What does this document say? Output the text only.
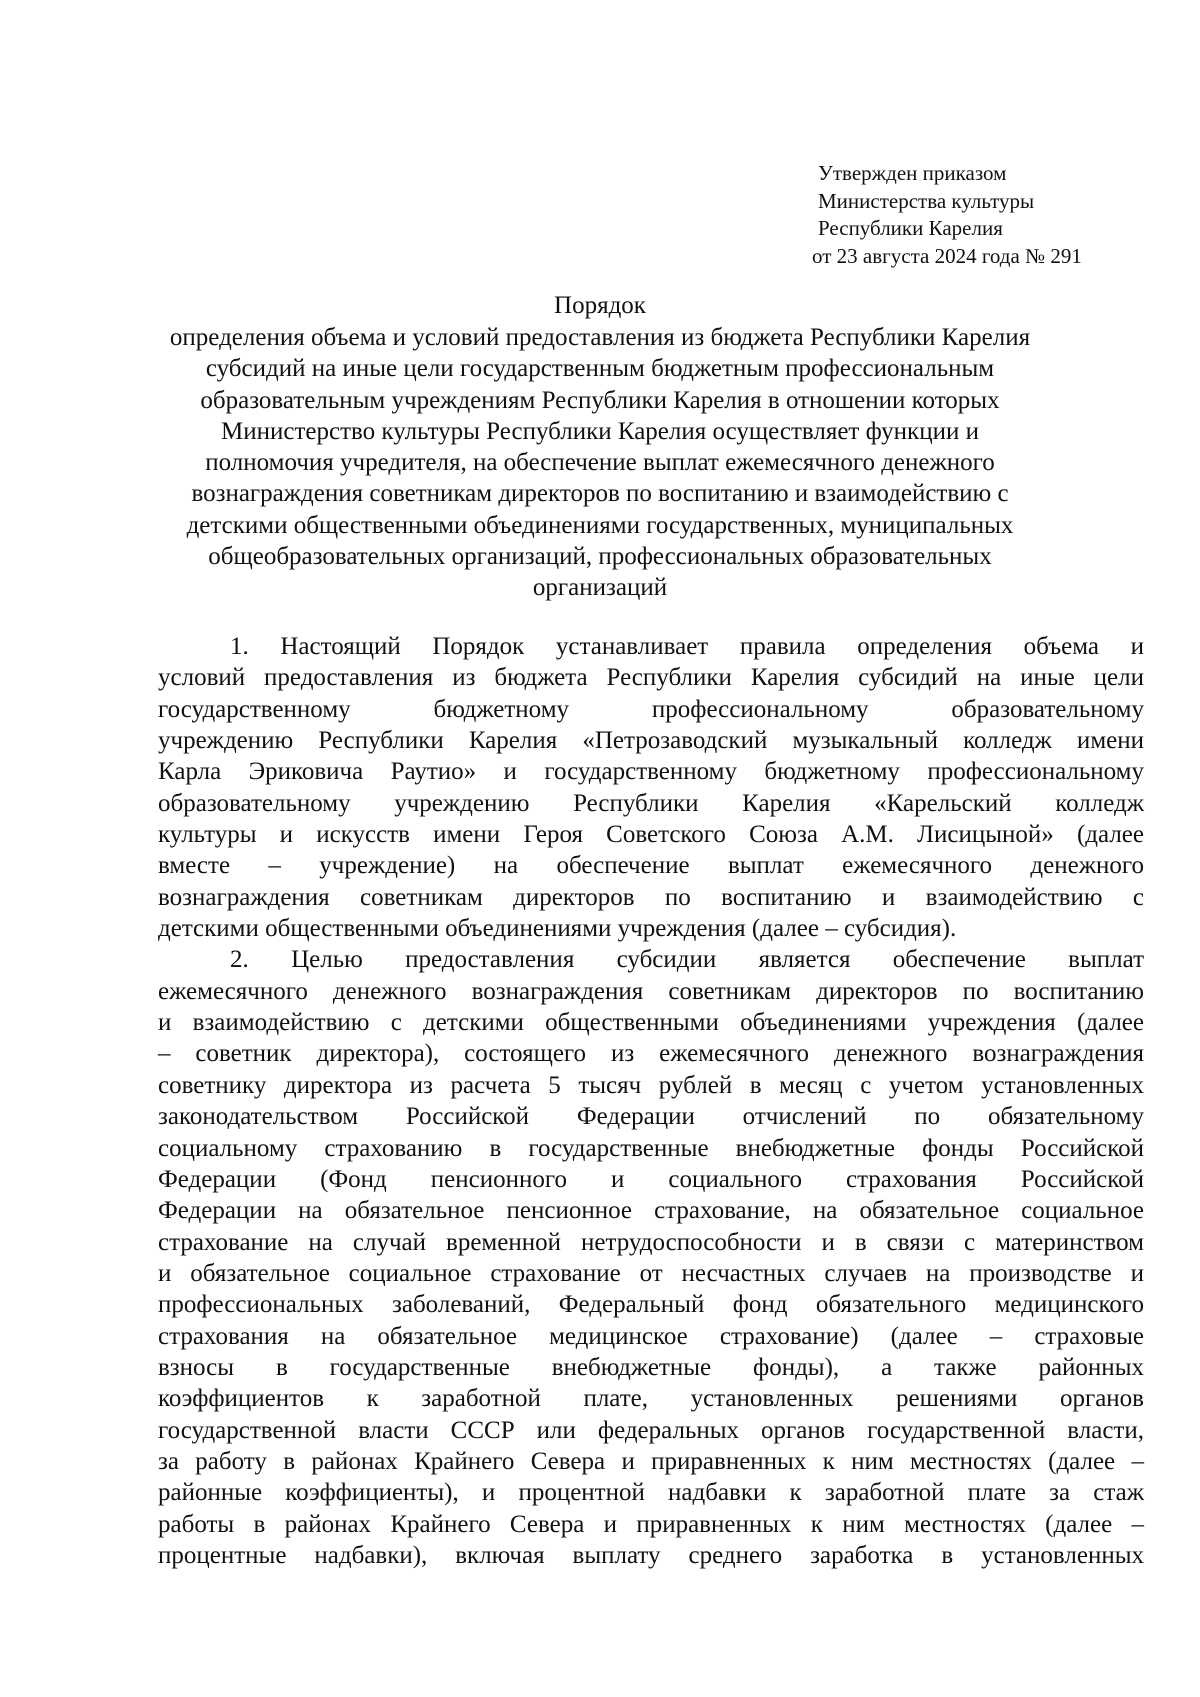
Утвержден приказом
Министерства культуры
Республики Карелия
от 23 августа 2024 года № 291
Порядок
определения объема и условий предоставления из бюджета Республики Карелия
субсидий на иные цели государственным бюджетным профессиональным
образовательным учреждениям Республики Карелия в отношении которых
Министерство культуры Республики Карелия осуществляет функции и
полномочия учредителя, на обеспечение выплат ежемесячного денежного
вознаграждения советникам директоров по воспитанию и взаимодействию с
детскими общественными объединениями государственных, муниципальных
общеобразовательных организаций, профессиональных образовательных
организаций
1. Настоящий Порядок устанавливает правила определения объема и
условий предоставления из бюджета Республики Карелия субсидий на иные цели
государственному бюджетному профессиональному образовательному
учреждению Республики Карелия «Петрозаводский музыкальный колледж имени
Карла Эриковича Раутио» и государственному бюджетному профессиональному
образовательному учреждению Республики Карелия «Карельский колледж
культуры и искусств имени Героя Советского Союза А.М. Лисицыной» (далее
вместе – учреждение) на обеспечение выплат ежемесячного денежного
вознаграждения советникам директоров по воспитанию и взаимодействию с
детскими общественными объединениями учреждения (далее – субсидия).
2. Целью предоставления субсидии является обеспечение выплат
ежемесячного денежного вознаграждения советникам директоров по воспитанию
и взаимодействию с детскими общественными объединениями учреждения (далее
– советник директора), состоящего из ежемесячного денежного вознаграждения
советнику директора из расчета 5 тысяч рублей в месяц с учетом установленных
законодательством Российской Федерации отчислений по обязательному
социальному страхованию в государственные внебюджетные фонды Российской
Федерации (Фонд пенсионного и социального страхования Российской
Федерации на обязательное пенсионное страхование, на обязательное социальное
страхование на случай временной нетрудоспособности и в связи с материнством
и обязательное социальное страхование от несчастных случаев на производстве и
профессиональных заболеваний, Федеральный фонд обязательного медицинского
страхования на обязательное медицинское страхование) (далее – страховые
взносы в государственные внебюджетные фонды), а также районных
коэффициентов к заработной плате, установленных решениями органов
государственной власти СССР или федеральных органов государственной власти,
за работу в районах Крайнего Севера и приравненных к ним местностях (далее –
районные коэффициенты), и процентной надбавки к заработной плате за стаж
работы в районах Крайнего Севера и приравненных к ним местностях (далее –
процентные надбавки), включая выплату среднего заработка в установленных
